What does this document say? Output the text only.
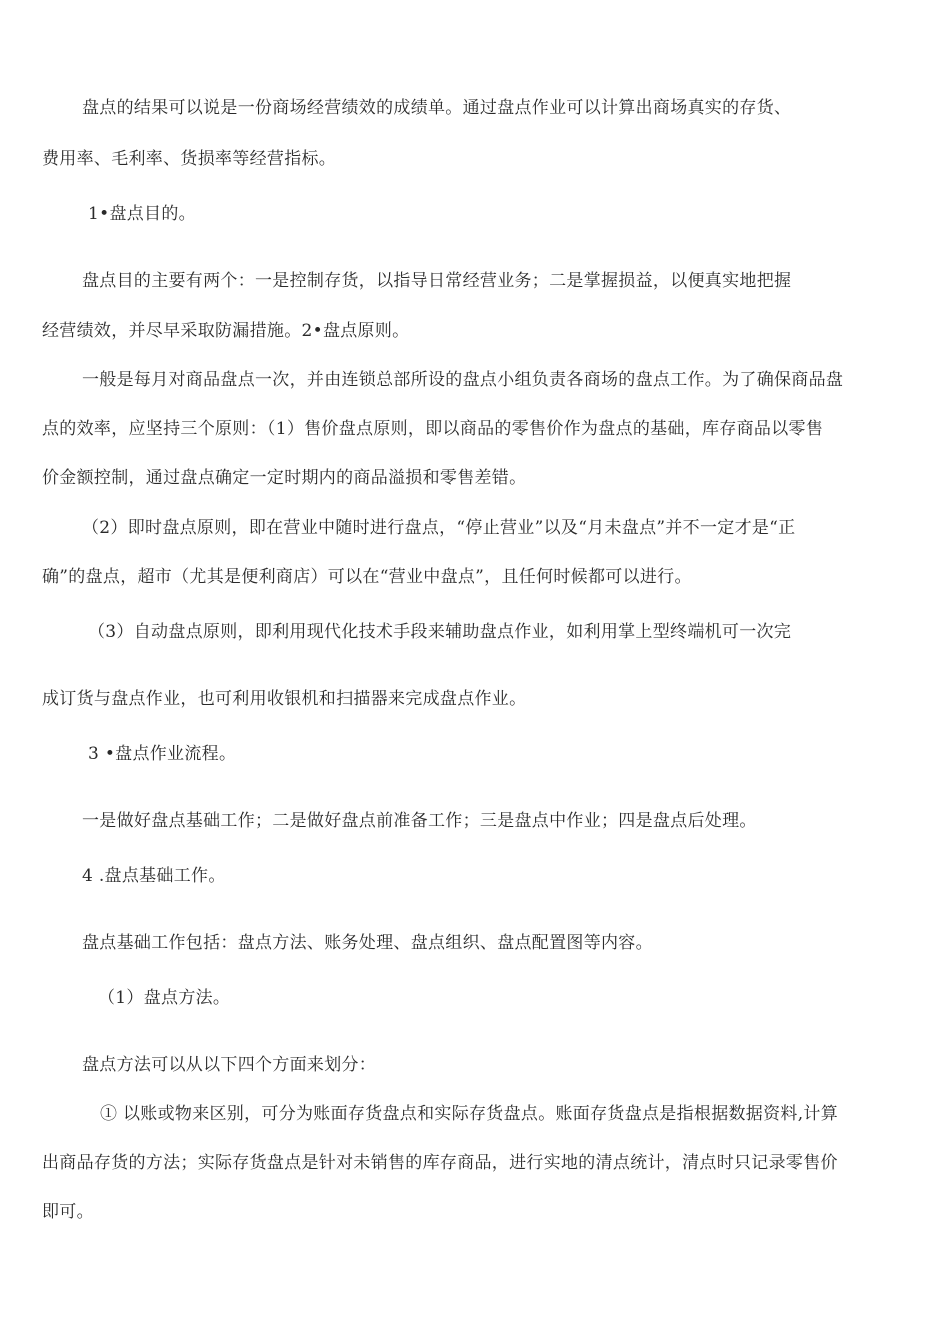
盘点的结果可以说是一份商场经营绩效的成绩单。通过盘点作业可以计算出商场真实的存货、

费用率、毛利率、货损率等经营指标。

1•盘点目的。

盘点目的主要有两个：一是控制存货，以指导日常经营业务；二是掌握损益，以便真实地把握

经营绩效，并尽早采取防漏措施。2•盘点原则。

一般是每月对商品盘点一次，并由连锁总部所设的盘点小组负责各商场的盘点工作。为了确保商品盘

点的效率，应坚持三个原则：（1）售价盘点原则，即以商品的零售价作为盘点的基础，库存商品以零售

价金额控制，通过盘点确定一定时期内的商品溢损和零售差错。

（2）即时盘点原则，即在营业中随时进行盘点，“停止营业”以及“月未盘点”并不一定才是“正

确”的盘点，超市（尤其是便利商店）可以在“营业中盘点”，且任何时候都可以进行。

（3）自动盘点原则，即利用现代化技术手段来辅助盘点作业，如利用掌上型终端机可一次完

成订货与盘点作业，也可利用收银机和扫描器来完成盘点作业。

3 •盘点作业流程。

一是做好盘点基础工作；二是做好盘点前准备工作；三是盘点中作业；四是盘点后处理。

4 .盘点基础工作。

盘点基础工作包括：盘点方法、账务处理、盘点组织、盘点配置图等内容。

（1）盘点方法。

盘点方法可以从以下四个方面来划分：

① 以账或物来区别，可分为账面存货盘点和实际存货盘点。账面存货盘点是指根据数据资料,计算

出商品存货的方法；实际存货盘点是针对未销售的库存商品，进行实地的清点统计，清点时只记录零售价

即可。
